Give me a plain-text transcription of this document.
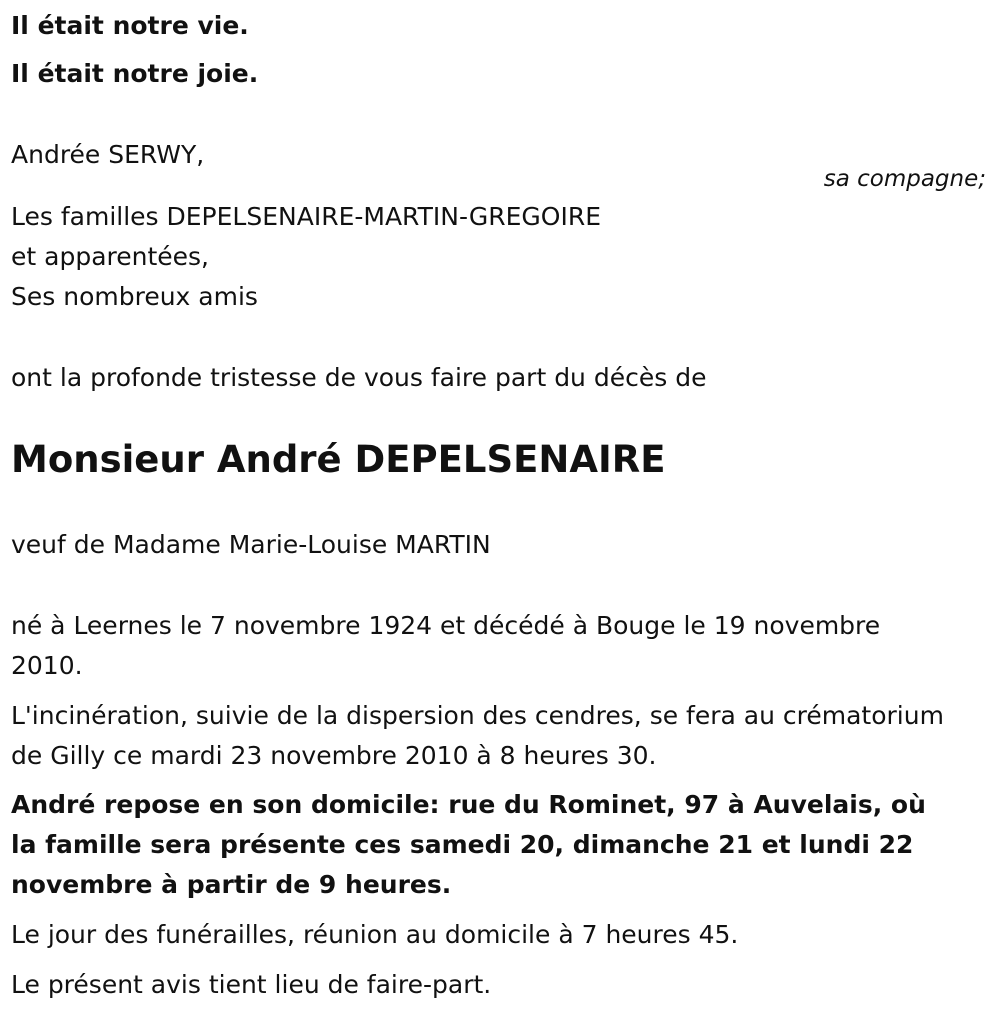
Il était notre vie.
Il était notre joie.
Andrée SERWY,
sa compagne;
Les familles DEPELSENAIRE-MARTIN-GREGOIRE
et apparentées,
Ses nombreux amis
ont la profonde tristesse de vous faire part du décès de
Monsieur André DEPELSENAIRE
veuf de Madame Marie-Louise MARTIN
né à Leernes le 7 novembre 1924 et décédé à Bouge le 19 novembre 2010.
L'incinération, suivie de la dispersion des cendres, se fera au crématorium de Gilly ce mardi 23 novembre 2010 à 8 heures 30.
André repose en son domicile: rue du Rominet, 97 à Auvelais, où la famille sera présente ces samedi 20, dimanche 21 et lundi 22 novembre à partir de 9 heures.
Le jour des funérailles, réunion au domicile à 7 heures 45.
Le présent avis tient lieu de faire-part.
